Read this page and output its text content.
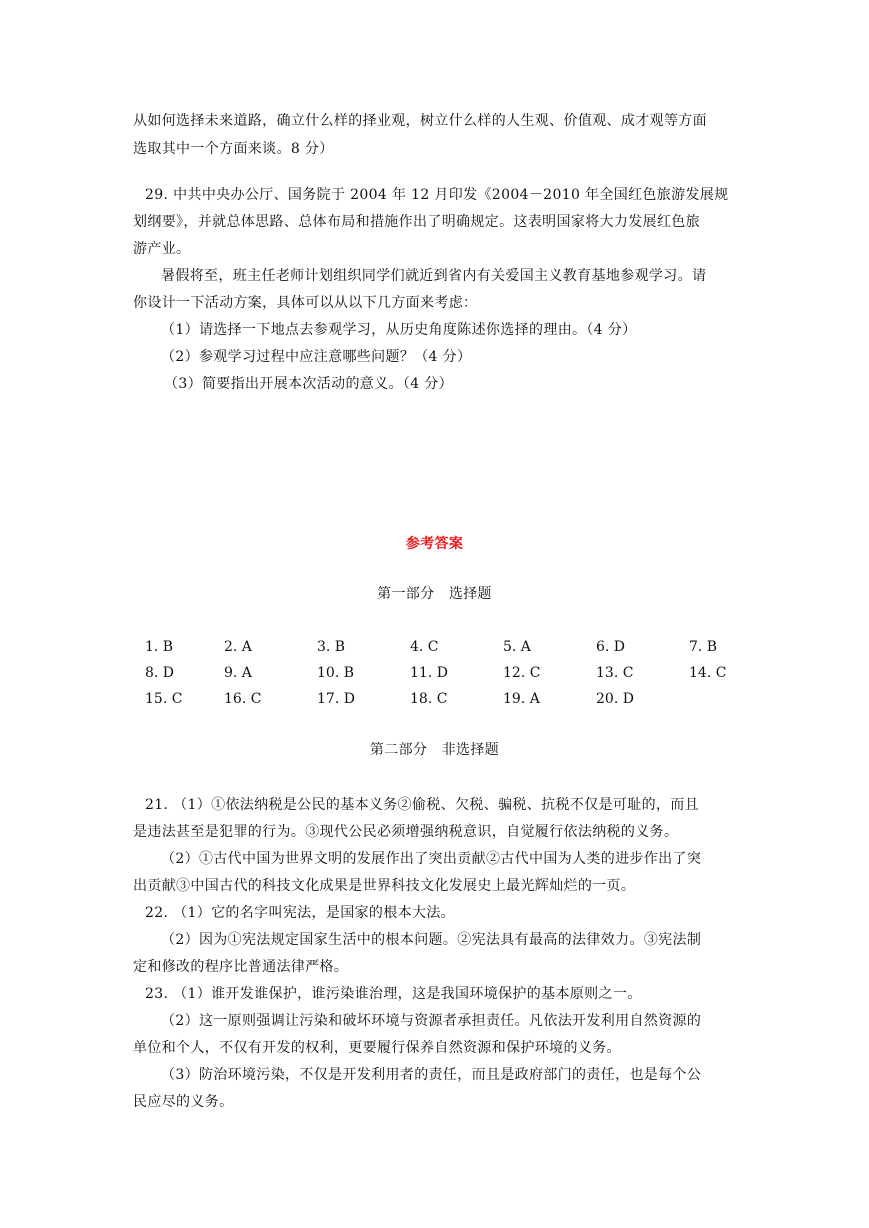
从如何选择未来道路，确立什么样的择业观，树立什么样的人生观、价值观、成才观等方面
选取其中一个方面来谈。8 分）
29. 中共中央办公厅、国务院于 2004 年 12 月印发《2004－2010 年全国红色旅游发展规
划纲要》，并就总体思路、总体布局和措施作出了明确规定。这表明国家将大力发展红色旅
游产业。
暑假将至，班主任老师计划组织同学们就近到省内有关爱国主义教育基地参观学习。请
你设计一下活动方案，具体可以从以下几方面来考虑：
（1）请选择一下地点去参观学习，从历史角度陈述你选择的理由。（4 分）
（2）参观学习过程中应注意哪些问题？（4 分）
（3）简要指出开展本次活动的意义。（4 分）
参考答案
第一部分　选择题
1. B	2. A	3. B	4. C	5. A	6. D	7. B
8. D	9. A	10. B	11. D	12. C	13. C	14. C
15. C	16. C	17. D	18. C	19. A	20. D
第二部分　非选择题
21. （1）①依法纳税是公民的基本义务②偷税、欠税、骗税、抗税不仅是可耻的，而且
是违法甚至是犯罪的行为。③现代公民必须增强纳税意识，自觉履行依法纳税的义务。
（2）①古代中国为世界文明的发展作出了突出贡献②古代中国为人类的进步作出了突
出贡献③中国古代的科技文化成果是世界科技文化发展史上最光辉灿烂的一页。
22. （1）它的名字叫宪法，是国家的根本大法。
（2）因为①宪法规定国家生活中的根本问题。②宪法具有最高的法律效力。③宪法制
定和修改的程序比普通法律严格。
23. （1）谁开发谁保护，谁污染谁治理，这是我国环境保护的基本原则之一。
（2）这一原则强调让污染和破坏环境与资源者承担责任。凡依法开发利用自然资源的
单位和个人，不仅有开发的权利，更要履行保养自然资源和保护环境的义务。
（3）防治环境污染，不仅是开发利用者的责任，而且是政府部门的责任，也是每个公
民应尽的义务。
